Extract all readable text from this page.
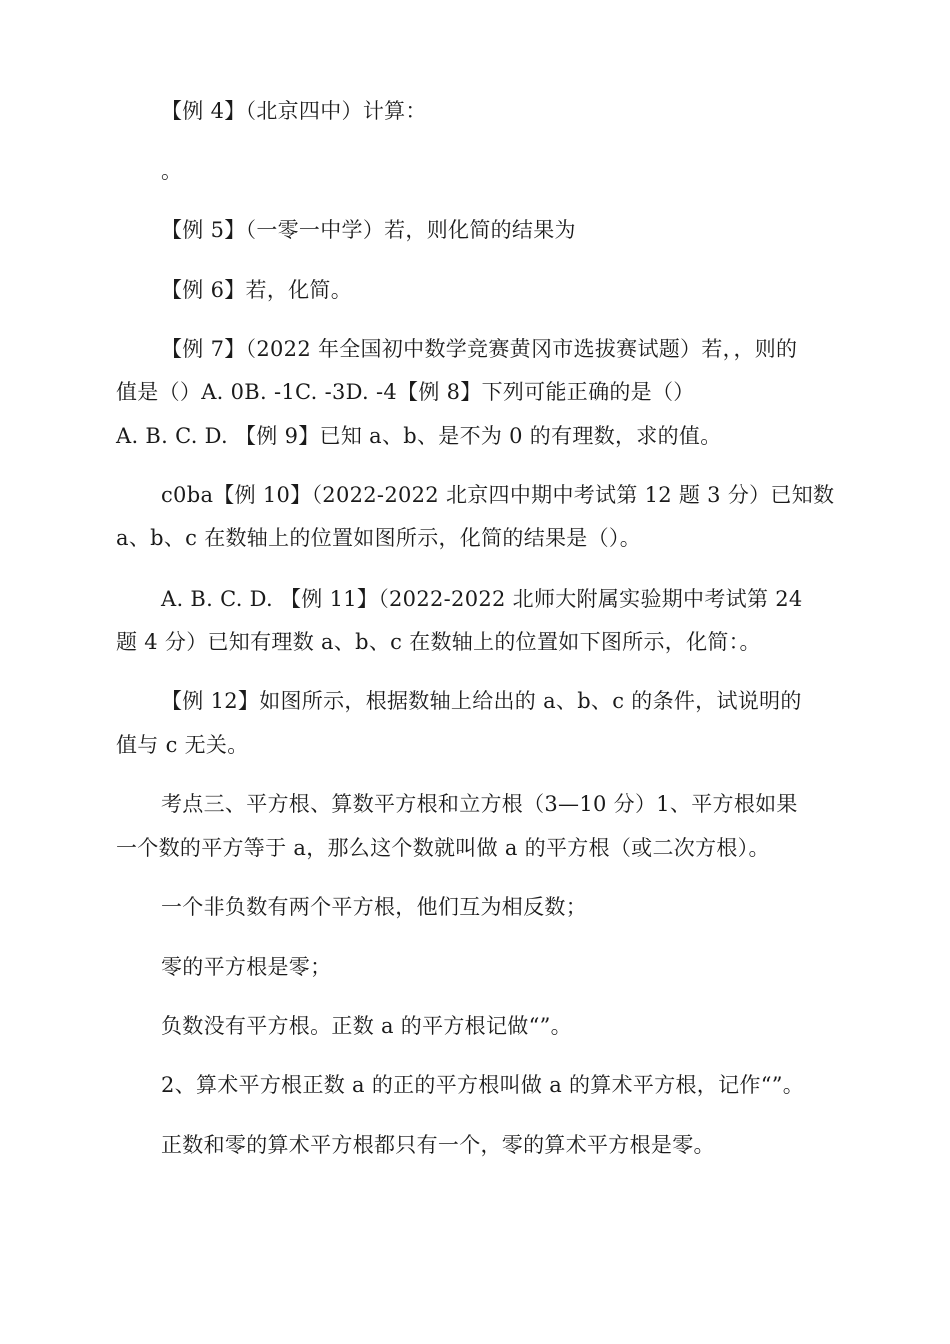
【例 4】（北京四中）计算：
。
【例 5】（一零一中学）若，则化简的结果为
【例 6】若，化简。
【例 7】（2022 年全国初中数学竞赛黄冈市选拔赛试题）若，，则的
值是（）A. 0B. -1C. -3D. -4【例 8】下列可能正确的是（）
A. B. C. D. 【例 9】已知 a、b、是不为 0 的有理数，求的值。
c0ba【例 10】（2022-2022 北京四中期中考试第 12 题 3 分）已知数
a、b、c 在数轴上的位置如图所示，化简的结果是（）。
A. B. C. D. 【例 11】（2022-2022 北师大附属实验期中考试第 24
题 4 分）已知有理数 a、b、c 在数轴上的位置如下图所示，化简：。
【例 12】如图所示，根据数轴上给出的 a、b、c 的条件，试说明的
值与 c 无关。
考点三、平方根、算数平方根和立方根（3—10 分）1、平方根如果
一个数的平方等于 a，那么这个数就叫做 a 的平方根（或二次方根）。
一个非负数有两个平方根，他们互为相反数；
零的平方根是零；
负数没有平方根。正数 a 的平方根记做“”。
2、算术平方根正数 a 的正的平方根叫做 a 的算术平方根，记作“”。
正数和零的算术平方根都只有一个，零的算术平方根是零。
